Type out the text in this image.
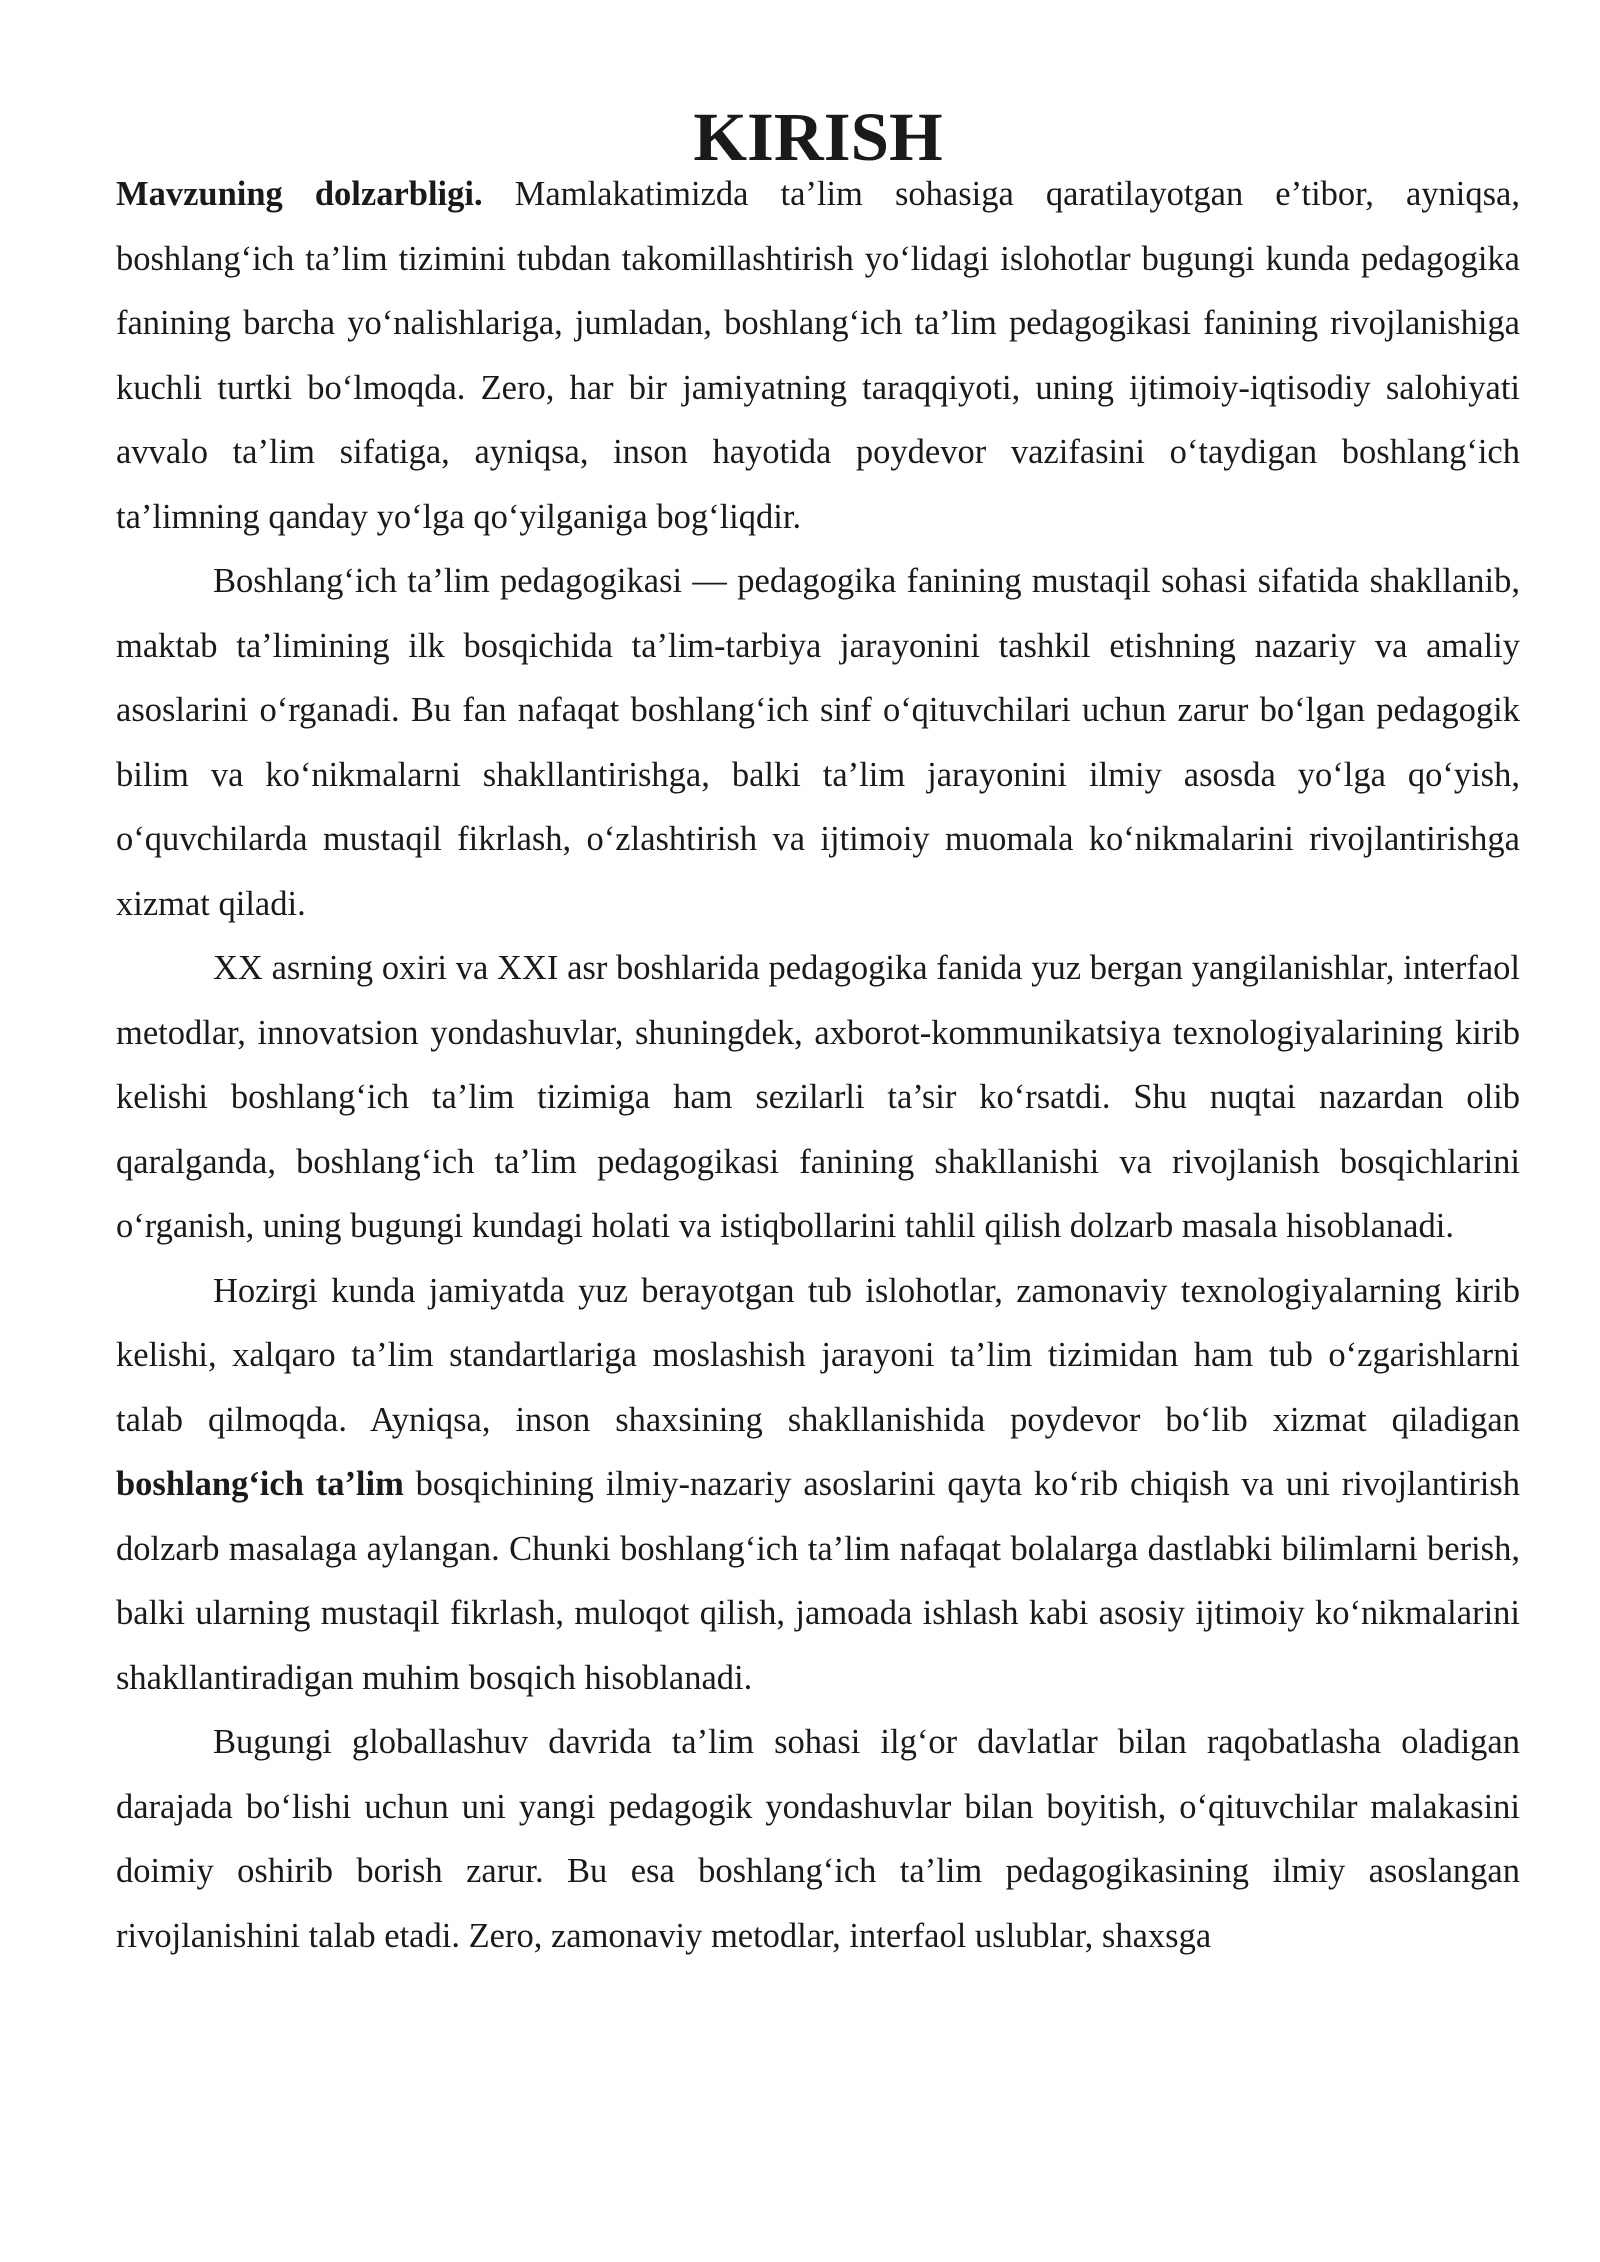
KIRISH

Mavzuning dolzarbligi. Mamlakatimizda ta’lim sohasiga qaratilayotgan e’tibor, ayniqsa, boshlang‘ich ta’lim tizimini tubdan takomillashtirish yo‘lidagi islohotlar bugungi kunda pedagogika fanining barcha yo‘nalishlariga, jumladan, boshlang‘ich ta’lim pedagogikasi fanining rivojlanishiga kuchli turtki bo‘lmoqda. Zero, har bir jamiyatning taraqqiyoti, uning ijtimoiy-iqtisodiy salohiyati avvalo ta’lim sifatiga, ayniqsa, inson hayotida poydevor vazifasini o‘taydigan boshlang‘ich ta’limning qanday yo‘lga qo‘yilganiga bog‘liqdir.

Boshlang‘ich ta’lim pedagogikasi — pedagogika fanining mustaqil sohasi sifatida shakllanib, maktab ta’limining ilk bosqichida ta’lim-tarbiya jarayonini tashkil etishning nazariy va amaliy asoslarini o‘rganadi. Bu fan nafaqat boshlang‘ich sinf o‘qituvchilari uchun zarur bo‘lgan pedagogik bilim va ko‘nikmalarni shakllantirishga, balki ta’lim jarayonini ilmiy asosda yo‘lga qo‘yish, o‘quvchilarda mustaqil fikrlash, o‘zlashtirish va ijtimoiy muomala ko‘nikmalarini rivojlantirishga xizmat qiladi.

XX asrning oxiri va XXI asr boshlarida pedagogika fanida yuz bergan yangilanishlar, interfaol metodlar, innovatsion yondashuvlar, shuningdek, axborot-kommunikatsiya texnologiyalarining kirib kelishi boshlang‘ich ta’lim tizimiga ham sezilarli ta’sir ko‘rsatdi. Shu nuqtai nazardan olib qaralganda, boshlang‘ich ta’lim pedagogikasi fanining shakllanishi va rivojlanish bosqichlarini o‘rganish, uning bugungi kundagi holati va istiqbollarini tahlil qilish dolzarb masala hisoblanadi.

Hozirgi kunda jamiyatda yuz berayotgan tub islohotlar, zamonaviy texnologiyalarning kirib kelishi, xalqaro ta’lim standartlariga moslashish jarayoni ta’lim tizimidan ham tub o‘zgarishlarni talab qilmoqda. Ayniqsa, inson shaxsining shakllanishida poydevor bo‘lib xizmat qiladigan boshlang‘ich ta’lim bosqichining ilmiy-nazariy asoslarini qayta ko‘rib chiqish va uni rivojlantirish dolzarb masalaga aylangan. Chunki boshlang‘ich ta’lim nafaqat bolalarga dastlabki bilimlarni berish, balki ularning mustaqil fikrlash, muloqot qilish, jamoada ishlash kabi asosiy ijtimoiy ko‘nikmalarini shakllantiradigan muhim bosqich hisoblanadi.

Bugungi globallashuv davrida ta’lim sohasi ilg‘or davlatlar bilan raqobatlasha oladigan darajada bo‘lishi uchun uni yangi pedagogik yondashuvlar bilan boyitish, o‘qituvchilar malakasini doimiy oshirib borish zarur. Bu esa boshlang‘ich ta’lim pedagogikasining ilmiy asoslangan rivojlanishini talab etadi. Zero, zamonaviy metodlar, interfaol uslublar, shaxsga
